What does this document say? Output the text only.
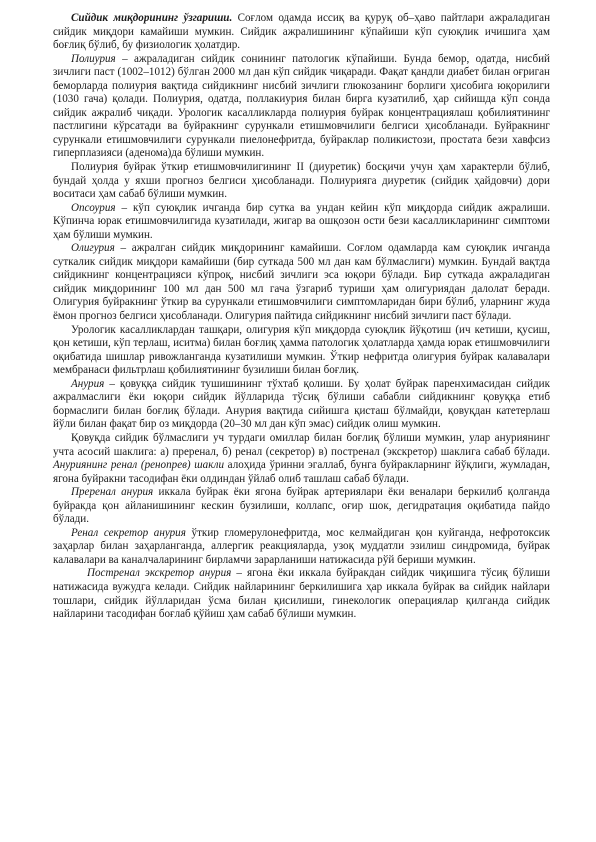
Сийдик миқдорининг ўзгариши. Соғлом одамда иссиқ ва қуруқ об–ҳаво пайтлари ажраладиган сийдик миқдори камайиши мумкин. Сийдик ажралишининг кўпайиши кўп суюқлик ичишига ҳам боғлиқ бўлиб, бу физиологик ҳолатдир.

Полиурия – ажраладиган сийдик сонининг патологик кўпайиши. Бунда бемор, одатда, нисбий зичлиги паст (1002–1012) бўлган 2000 мл дан кўп сийдик чиқаради. Фақат қандли диабет билан оғриган беморларда полиурия вақтида сийдикнинг нисбий зичлиги глюкозанинг борлиги ҳисобига юқорилиги (1030 гача) қолади. Полиурия, одатда, поллакиурия билан бирга кузатилиб, ҳар сийишда кўп сонда сийдик ажралиб чиқади. Урологик касалликларда полиурия буйрак концентрациялаш қобилиятининг пастлигини кўрсатади ва буйракнинг сурункали етишмовчилиги белгиси ҳисобланади. Буйракнинг сурункали етишмовчилиги сурункали пиелонефритда, буйраклар поликистози, простата бези хавфсиз гиперплазияси (аденома)да бўлиши мумкин.

Полиурия буйрак ўткир етишмовчилигининг II (диуретик) босқичи учун ҳам характерли бўлиб, бундай ҳолда у яхши прогноз белгиси ҳисобланади. Полиурияга диуретик (сийдик ҳайдовчи) дори воситаси ҳам сабаб бўлиши мумкин.

Опсоурия – кўп суюқлик ичганда бир сутка ва ундан кейин кўп миқдорда сийдик ажралиши. Кўпинча юрак етишмовчилигида кузатилади, жигар ва ошқозон ости бези касалликларининг симптоми ҳам бўлиши мумкин.

Олигурия – ажралган сийдик миқдорининг камайиши. Соғлом одамларда кам суюқлик ичганда суткалик сийдик миқдори камайиши (бир суткада 500 мл дан кам бўлмаслиги) мумкин. Бундай вақтда сийдикнинг концентрацияси кўпроқ, нисбий зичлиги эса юқори бўлади. Бир суткада ажраладиган сийдик миқдорининг 100 мл дан 500 мл гача ўзгариб туриши ҳам олигуриядан далолат беради. Олигурия буйракнинг ўткир ва сурункали етишмовчилиги симптомларидан бири бўлиб, уларнинг жуда ёмон прогноз белгиси ҳисобланади. Олигурия пайтида сийдикнинг нисбий зичлиги паст бўлади.

Урологик касалликлардан ташқари, олигурия кўп миқдорда суюқлик йўқотиш (ич кетиши, қусиш, қон кетиши, кўп терлаш, иситма) билан боғлиқ ҳамма патологик ҳолатларда ҳамда юрак етишмовчилиги оқибатида шишлар ривожланганда кузатилиши мумкин. Ўткир нефритда олигурия буйрак калавалари мембранаси фильтрлаш қобилиятининг бузилиши билан боғлиқ.

Анурия – қовуққа сийдик тушишининг тўхтаб қолиши. Бу ҳолат буйрак паренхимасидан сийдик ажралмаслиги ёки юқори сийдик йўлларида тўсиқ бўлиши сабабли сийдикнинг қовуққа етиб бормаслиги билан боғлиқ бўлади. Анурия вақтида сийишга қисташ бўлмайди, қовуқдан катетерлаш йўли билан фақат бир оз миқдорда (20–30 мл дан кўп эмас) сийдик олиш мумкин.

Қовуқда сийдик бўлмаслиги уч турдаги омиллар билан боғлиқ бўлиши мумкин, улар ануриянинг учта асосий шаклига: а) преренал, б) ренал (секретор) в) постренал (экскретор) шаклига сабаб бўлади. Ануриянинг ренал (ренопрев) шакли алоҳида ўринни эгаллаб, бунга буйракларнинг йўқлиги, жумладан, ягона буйракни тасодифан ёки олдиндан ўйлаб олиб ташлаш сабаб бўлади.

Преренал анурия иккала буйрак ёки ягона буйрак артериялари ёки веналари беркилиб қолганда буйракда қон айланишининг кескин бузилиши, коллапс, оғир шок, дегидратация оқибатида пайдо бўлади.

Ренал секретор анурия ўткир гломерулонефритда, мос келмайдиган қон куйганда, нефротоксик заҳарлар билан заҳарланганда, аллергик реакцияларда, узоқ муддатли эзилиш синдромида, буйрак калавалари ва каналчаларининг бирламчи зарарланиши натижасида рўй бериши мумкин.

Постренал экскретор анурия – ягона ёки иккала буйракдан сийдик чиқишига тўсиқ бўлиши натижасида вужудга келади. Сийдик найларининг беркилишига ҳар иккала буйрак ва сийдик найлари тошлари, сийдик йўлларидан ўсма билан қисилиши, гинекологик операциялар қилганда сийдик найларини тасодифан боғлаб қўйиш ҳам сабаб бўлиши мумкин.
